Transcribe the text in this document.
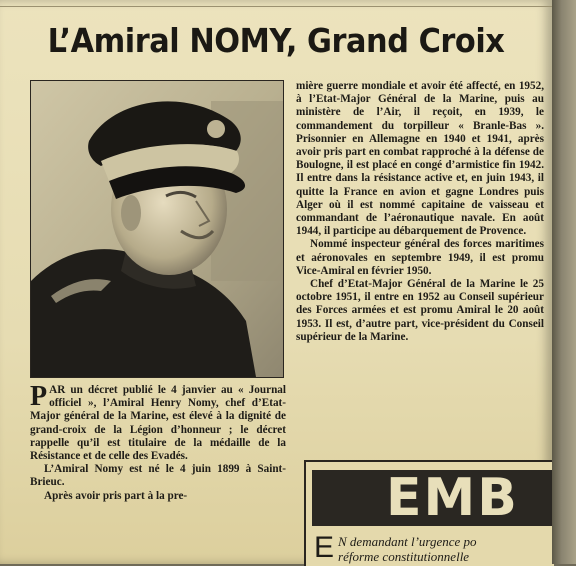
L’Amiral NOMY, Grand Croix

PAR un décret publié le 4 janvier au « Journal officiel », l’Amiral Henry Nomy, chef d’Etat-Major général de la Marine, est élevé à la dignité de grand-croix de la Légion d’honneur ; le décret rappelle qu’il est titulaire de la médaille de la Résistance et de celle des Evadés.

L’Amiral Nomy est né le 4 juin 1899 à Saint-Brieuc.

Après avoir pris part à la pre-

mière guerre mondiale et avoir été affecté, en 1952, à l’Etat-Major Général de la Marine, puis au ministère de l’Air, il reçoit, en 1939, le commandement du torpilleur « Branle-Bas ». Prisonnier en Allemagne en 1940 et 1941, après avoir pris part en combat rapproché à la défense de Boulogne, il est placé en congé d’armistice fin 1942. Il entre dans la résistance active et, en juin 1943, il quitte la France en avion et gagne Londres puis Alger où il est nommé capitaine de vaisseau et commandant de l’aéronautique navale. En août 1944, il participe au débarquement de Provence.

Nommé inspecteur général des forces maritimes et aéronovales en septembre 1949, il est promu Vice-Amiral en février 1950.

Chef d’Etat-Major Général de la Marine le 25 octobre 1951, il entre en 1952 au Conseil supérieur des Forces armées et est promu Amiral le 20 août 1953. Il est, d’autre part, vice-président du Conseil supérieur de la Marine.

EMB
E N demandant l’urgence po
réforme constitutionnelle
